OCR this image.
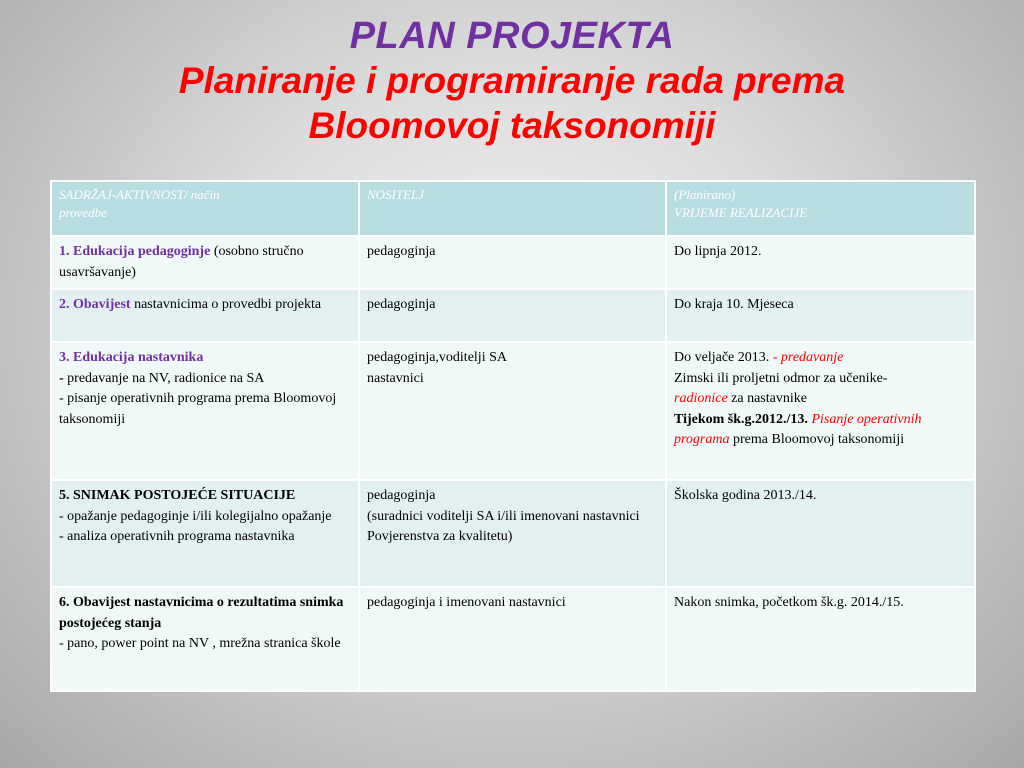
PLAN PROJEKTA
Planiranje i programiranje rada prema
Bloomovoj taksonomiji
SADRŽAJ-AKTIVNOST/ način
provedbe	NOSITELJ	(Planirano)
VRIJEME REALIZACIJE

1. Edukacija pedagoginje (osobno stručno usavršavanje)	pedagoginja	Do lipnja 2012.
2. Obavijest nastavnicima o provedbi projekta	pedagoginja	Do kraja 10. Mjeseca

3. Edukacija nastavnika
- predavanje na NV, radionice na SA
- pisanje operativnih programa prema Bloomovoj taksonomiji	pedagoginja,voditelji SA
nastavnici	Do veljače 2013. - predavanje
Zimski ili proljetni odmor za učenike-
radionice za nastavnike
Tijekom šk.g.2012./13. Pisanje operativnih programa prema Bloomovoj taksonomiji

5. SNIMAK POSTOJEĆE SITUACIJE
- opažanje pedagoginje i/ili kolegijalno opažanje
- analiza operativnih programa nastavnika	pedagoginja
(suradnici voditelji SA i/ili imenovani nastavnici Povjerenstva za kvalitetu)	Školska godina 2013./14.

6. Obavijest nastavnicima o rezultatima snimka postojećeg stanja
- pano, power point na NV , mrežna stranica škole	pedagoginja i imenovani nastavnici	Nakon snimka, početkom šk.g. 2014./15.
